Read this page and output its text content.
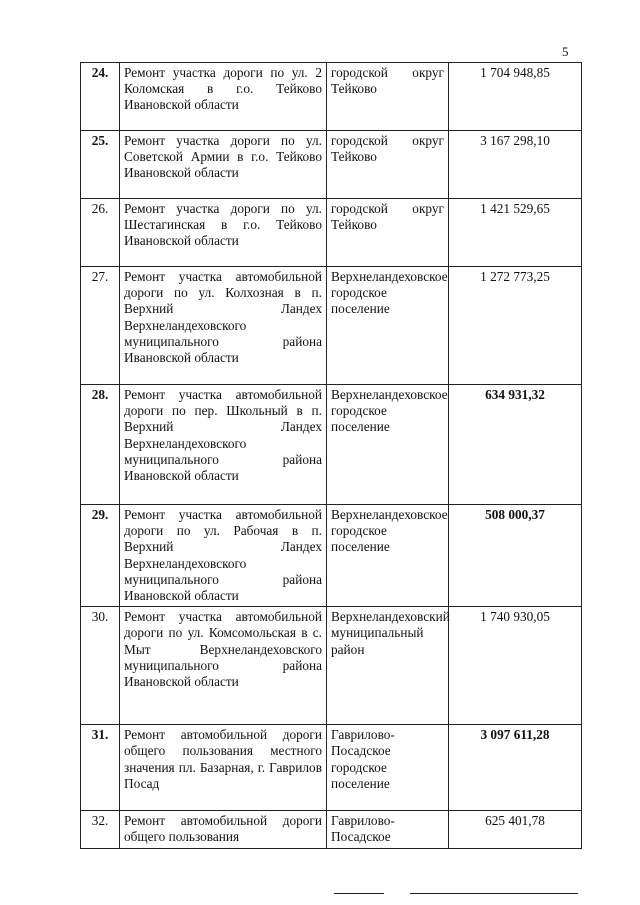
5
24.	Ремонт участка дороги по ул. 2 Коломская в г.о. Тейково Ивановской области	городской округ Тейково	1 704 948,85
25.	Ремонт участка дороги по ул. Советской Армии в г.о. Тейково Ивановской области	городской округ Тейково	3 167 298,10
26.	Ремонт участка дороги по ул. Шестагинская в г.о. Тейково Ивановской области	городской округ Тейково	1 421 529,65
27.	Ремонт участка автомобильной дороги по ул. Колхозная в п. Верхний Ландех Верхнеландеховского муниципального района Ивановской области	Верхнеландеховское городское поселение	1 272 773,25
28.	Ремонт участка автомобильной дороги по пер. Школьный в п. Верхний Ландех Верхнеландеховского муниципального района Ивановской области	Верхнеландеховское городское поселение	634 931,32
29.	Ремонт участка автомобильной дороги по ул. Рабочая в п. Верхний Ландех Верхнеландеховского муниципального района Ивановской области	Верхнеландеховское городское поселение	508 000,37
30.	Ремонт участка автомобильной дороги по ул. Комсомольская в с. Мыт Верхнеландеховского муниципального района Ивановской области	Верхнеландеховский муниципальный район	1 740 930,05
31.	Ремонт автомобильной дороги общего пользования местного значения пл. Базарная, г. Гаврилов Посад	Гаврилово-Посадское городское поселение	3 097 611,28
32.	Ремонт автомобильной дороги общего пользования	Гаврилово-Посадское	625 401,78
